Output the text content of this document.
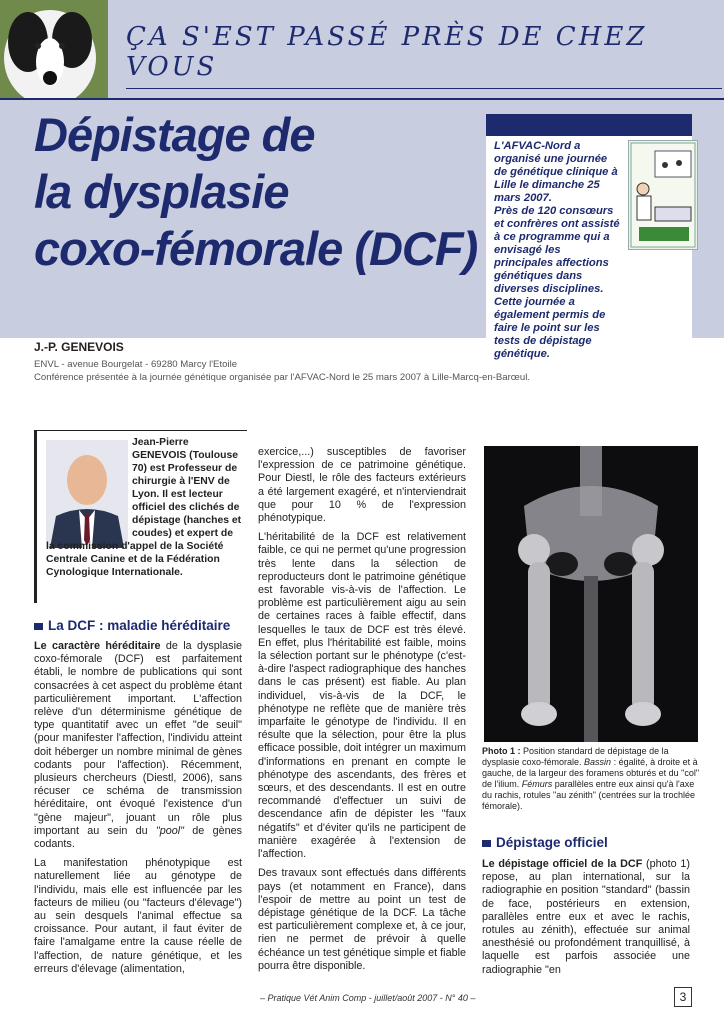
ÇA S'EST PASSÉ PRÈS DE CHEZ VOUS
Dépistage de
la dysplasie
coxo-fémorale (DCF)

L'AFVAC-Nord a organisé une journée de génétique clinique à Lille le dimanche 25 mars 2007.

Près de 120 consœurs et confrères ont assisté à ce programme qui a envisagé les principales affections génétiques dans diverses disciplines. Cette journée a également permis de faire le point sur les tests de dépistage génétique.

J.-P. GENEVOIS
ENVL - avenue Bourgelat - 69280 Marcy l'Etoile
Conférence présentée à la journée génétique organisée par l'AFVAC-Nord le 25 mars 2007 à Lille-Marcq-en-Barœul.
Jean-Pierre GENEVOIS (Toulouse 70) est Professeur de chirurgie à l'ENV de Lyon. Il est lecteur officiel des clichés de dépistage (hanches et coudes) et expert de
la commission d'appel de la Société Centrale Canine et de la Fédération Cynologique Internationale.
La DCF : maladie héréditaire

Le caractère héréditaire de la dysplasie coxo-fémorale (DCF) est parfaitement établi, le nombre de publications qui sont consacrées à cet aspect du problème étant particulièrement important. L'affection relève d'un déterminisme génétique de type quantitatif avec un effet "de seuil" (pour manifester l'affection, l'individu atteint doit héberger un nombre minimal de gènes codants pour l'affection). Récemment, plusieurs chercheurs (Diestl, 2006), sans récuser ce schéma de transmission héréditaire, ont évoqué l'existence d'un "gène majeur", jouant un rôle plus important au sein du "pool" de gènes codants.

La manifestation phénotypique est naturellement liée au génotype de l'individu, mais elle est influencée par les facteurs de milieu (ou "facteurs d'élevage") au sein desquels l'animal effectue sa croissance. Pour autant, il faut éviter de faire l'amalgame entre la cause réelle de l'affection, de nature génétique, et les erreurs d'élevage (alimentation,

exercice,...) susceptibles de favoriser l'expression de ce patrimoine génétique. Pour Diestl, le rôle des facteurs extérieurs a été largement exagéré, et n'interviendrait que pour 10 % de l'expression phénotypique.

L'héritabilité de la DCF est relativement faible, ce qui ne permet qu'une progression très lente dans la sélection de reproducteurs dont le patrimoine génétique est favorable vis-à-vis de l'affection. Le problème est particulièrement aigu au sein de certaines races à faible effectif, dans lesquelles le taux de DCF est très élevé. En effet, plus l'héritabilité est faible, moins la sélection portant sur le phénotype (c'est-à-dire l'aspect radiographique des hanches dans le cas présent) est fiable. Au plan individuel, vis-à-vis de la DCF, le phénotype ne reflète que de manière très imparfaite le génotype de l'individu. Il en résulte que la sélection, pour être la plus efficace possible, doit intégrer un maximum d'informations en prenant en compte le phénotype des ascendants, des frères et sœurs, et des descendants. Il est en outre recommandé d'effectuer un suivi de descendance afin de dépister les "faux négatifs" et d'éviter qu'ils ne participent de manière exagérée à l'extension de l'affection.

Des travaux sont effectués dans différents pays (et notamment en France), dans l'espoir de mettre au point un test de dépistage génétique de la DCF. La tâche est particulièrement complexe et, à ce jour, rien ne permet de prévoir à quelle échéance un test génétique simple et fiable pourra être disponible.

Photo 1 : Position standard de dépistage de la dysplasie coxo-fémorale. Bassin : égalité, à droite et à gauche, de la largeur des foramens obturés et du "col" de l'ilium. Fémurs parallèles entre eux ainsi qu'à l'axe du rachis, rotules "au zénith" (centrées sur la trochlée fémorale).
Dépistage officiel

Le dépistage officiel de la DCF (photo 1) repose, au plan international, sur la radiographie en position "standard" (bassin de face, postérieurs en extension, parallèles entre eux et avec le rachis, rotules au zénith), effectuée sur animal anesthésié ou profondément tranquillisé, à laquelle est parfois associée une radiographie "en

– Pratique Vét Anim Comp - juillet/août 2007 - N° 40 –	3
